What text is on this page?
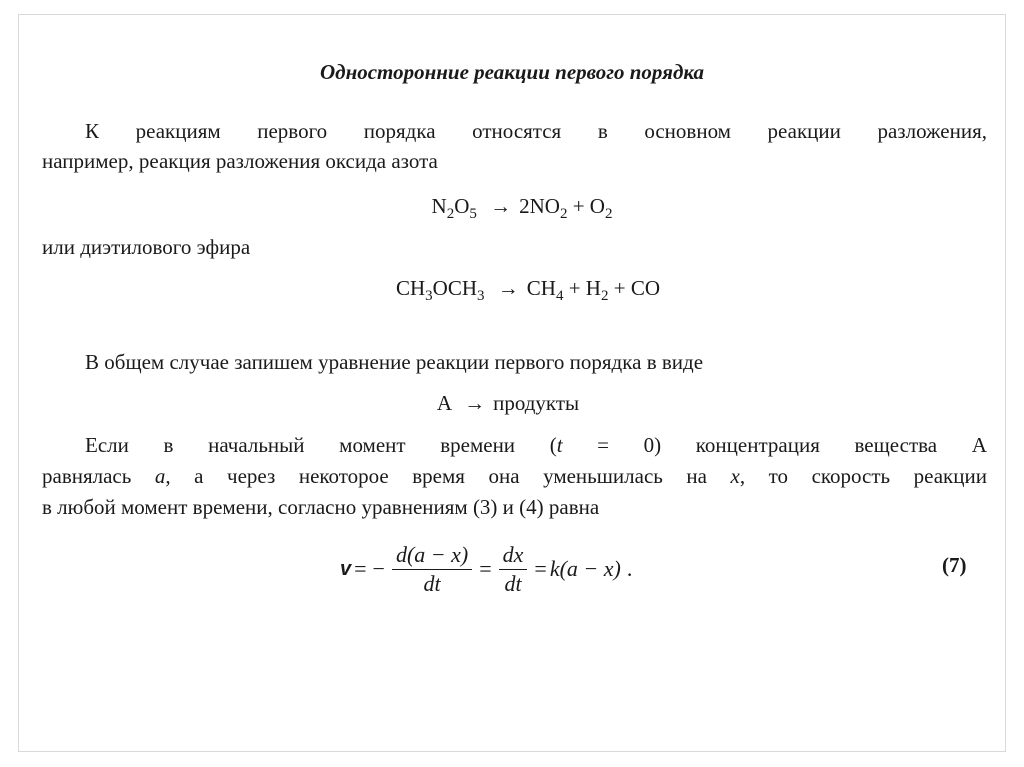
Односторонние реакции первого порядка
К реакциям первого порядка относятся в основном реакции разложения,
например, реакция разложения оксида азота
$N_2O_5 \to 2NO_2 + O_2$
или диэтилового эфира
$CH_3OCH_3 \to CH_4 + H_2$ + CO
В общем случае запишем уравнение реакции первого порядка в виде
A → продукты
Если в начальный момент времени (t = 0) концентрация вещества А
равнялась a, а через некоторое время она уменьшилась на x, то скорость реакции
в любой момент времени, согласно уравнениям (3) и (4) равна
v = − $\frac{d(a - x)}{dt} = \frac{dx}{dt} = k(a - x)$ .	(7)
